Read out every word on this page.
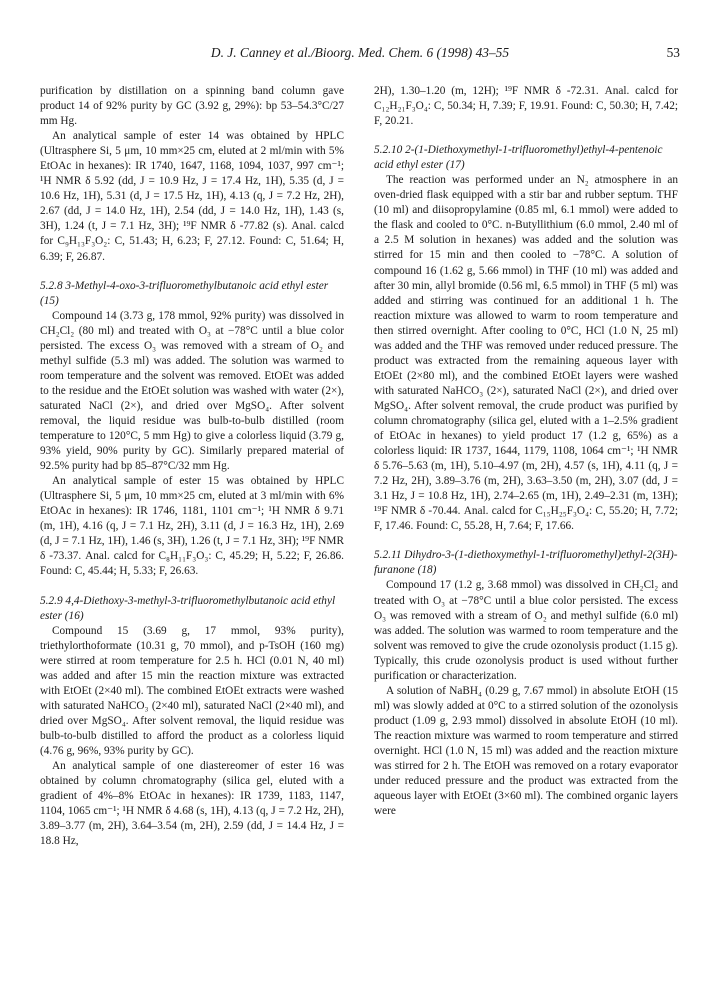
D. J. Canney et al./Bioorg. Med. Chem. 6 (1998) 43–55	53

purification by distillation on a spinning band column gave product 14 of 92% purity by GC (3.92 g, 29%): bp 53–54.3°C/27 mm Hg.

An analytical sample of ester 14 was obtained by HPLC (Ultrasphere Si, 5 μm, 10 mm×25 cm, eluted at 2 ml/min with 5% EtOAc in hexanes): IR 1740, 1647, 1168, 1094, 1037, 997 cm⁻¹; ¹H NMR δ 5.92 (dd, J = 10.9 Hz, J = 17.4 Hz, 1H), 5.35 (d, J = 10.6 Hz, 1H), 5.31 (d, J = 17.5 Hz, 1H), 4.13 (q, J = 7.2 Hz, 2H), 2.67 (dd, J = 14.0 Hz, 1H), 2.54 (dd, J = 14.0 Hz, 1H), 1.43 (s, 3H), 1.24 (t, J = 7.1 Hz, 3H); ¹⁹F NMR δ -77.82 (s). Anal. calcd for C₉H₁₃F₃O₂: C, 51.43; H, 6.23; F, 27.12. Found: C, 51.64; H, 6.39; F, 26.87.

5.2.8 3-Methyl-4-oxo-3-trifluoromethylbutanoic acid ethyl ester (15)

Compound 14 (3.73 g, 178 mmol, 92% purity) was dissolved in CH₂Cl₂ (80 ml) and treated with O₃ at −78°C until a blue color persisted. The excess O₃ was removed with a stream of O₂ and methyl sulfide (5.3 ml) was added. The solution was warmed to room temperature and the solvent was removed. EtOEt was added to the residue and the EtOEt solution was washed with water (2×), saturated NaCl (2×), and dried over MgSO₄. After solvent removal, the liquid residue was bulb-to-bulb distilled (room temperature to 120°C, 5 mm Hg) to give a colorless liquid (3.79 g, 93% yield, 90% purity by GC). Similarly prepared material of 92.5% purity had bp 85–87°C/32 mm Hg.

An analytical sample of ester 15 was obtained by HPLC (Ultrasphere Si, 5 μm, 10 mm×25 cm, eluted at 3 ml/min with 6% EtOAc in hexanes): IR 1746, 1181, 1101 cm⁻¹; ¹H NMR δ 9.71 (m, 1H), 4.16 (q, J = 7.1 Hz, 2H), 3.11 (d, J = 16.3 Hz, 1H), 2.69 (d, J = 7.1 Hz, 1H), 1.46 (s, 3H), 1.26 (t, J = 7.1 Hz, 3H); ¹⁹F NMR δ -73.37. Anal. calcd for C₈H₁₁F₃O₃: C, 45.29; H, 5.22; F, 26.86. Found: C, 45.44; H, 5.33; F, 26.63.

5.2.9 4,4-Diethoxy-3-methyl-3-trifluoromethylbutanoic acid ethyl ester (16)

Compound 15 (3.69 g, 17 mmol, 93% purity), triethylorthoformate (10.31 g, 70 mmol), and p-TsOH (160 mg) were stirred at room temperature for 2.5 h. HCl (0.01 N, 40 ml) was added and after 15 min the reaction mixture was extracted with EtOEt (2×40 ml). The combined EtOEt extracts were washed with saturated NaHCO₃ (2×40 ml), saturated NaCl (2×40 ml), and dried over MgSO₄. After solvent removal, the liquid residue was bulb-to-bulb distilled to afford the product as a colorless liquid (4.76 g, 96%, 93% purity by GC).

An analytical sample of one diastereomer of ester 16 was obtained by column chromatography (silica gel, eluted with a gradient of 4%–8% EtOAc in hexanes): IR 1739, 1183, 1147, 1104, 1065 cm⁻¹; ¹H NMR δ 4.68 (s, 1H), 4.13 (q, J = 7.2 Hz, 2H), 3.89–3.77 (m, 2H), 3.64–3.54 (m, 2H), 2.59 (dd, J = 14.4 Hz, J = 18.8 Hz,

2H), 1.30–1.20 (m, 12H); ¹⁹F NMR δ -72.31. Anal. calcd for C₁₂H₂₁F₃O₄: C, 50.34; H, 7.39; F, 19.91. Found: C, 50.30; H, 7.42; F, 20.21.

5.2.10 2-(1-Diethoxymethyl-1-trifluoromethyl)ethyl-4-pentenoic acid ethyl ester (17)

The reaction was performed under an N₂ atmosphere in an oven-dried flask equipped with a stir bar and rubber septum. THF (10 ml) and diisopropylamine (0.85 ml, 6.1 mmol) were added to the flask and cooled to 0°C. n-Butyllithium (6.0 mmol, 2.40 ml of a 2.5 M solution in hexanes) was added and the solution was stirred for 15 min and then cooled to −78°C. A solution of compound 16 (1.62 g, 5.66 mmol) in THF (10 ml) was added and after 30 min, allyl bromide (0.56 ml, 6.5 mmol) in THF (5 ml) was added and stirring was continued for an additional 1 h. The reaction mixture was allowed to warm to room temperature and then stirred overnight. After cooling to 0°C, HCl (1.0 N, 25 ml) was added and the THF was removed under reduced pressure. The product was extracted from the remaining aqueous layer with EtOEt (2×80 ml), and the combined EtOEt layers were washed with saturated NaHCO₃ (2×), saturated NaCl (2×), and dried over MgSO₄. After solvent removal, the crude product was purified by column chromatography (silica gel, eluted with a 1–2.5% gradient of EtOAc in hexanes) to yield product 17 (1.2 g, 65%) as a colorless liquid: IR 1737, 1644, 1179, 1108, 1064 cm⁻¹; ¹H NMR δ 5.76–5.63 (m, 1H), 5.10–4.97 (m, 2H), 4.57 (s, 1H), 4.11 (q, J = 7.2 Hz, 2H), 3.89–3.76 (m, 2H), 3.63–3.50 (m, 2H), 3.07 (dd, J = 3.1 Hz, J = 10.8 Hz, 1H), 2.74–2.65 (m, 1H), 2.49–2.31 (m, 13H); ¹⁹F NMR δ -70.44. Anal. calcd for C₁₅H₂₅F₃O₄: C, 55.20; H, 7.72; F, 17.46. Found: C, 55.28, H, 7.64; F, 17.66.

5.2.11 Dihydro-3-(1-diethoxymethyl-1-trifluoromethyl)ethyl-2(3H)-furanone (18)

Compound 17 (1.2 g, 3.68 mmol) was dissolved in CH₂Cl₂ and treated with O₃ at −78°C until a blue color persisted. The excess O₃ was removed with a stream of O₂ and methyl sulfide (6.0 ml) was added. The solution was warmed to room temperature and the solvent was removed to give the crude ozonolysis product (1.15 g). Typically, this crude ozonolysis product is used without further purification or characterization.

A solution of NaBH₄ (0.29 g, 7.67 mmol) in absolute EtOH (15 ml) was slowly added at 0°C to a stirred solution of the ozonolysis product (1.09 g, 2.93 mmol) dissolved in absolute EtOH (10 ml). The reaction mixture was warmed to room temperature and stirred overnight. HCl (1.0 N, 15 ml) was added and the reaction mixture was stirred for 2 h. The EtOH was removed on a rotary evaporator under reduced pressure and the product was extracted from the aqueous layer with EtOEt (3×60 ml). The combined organic layers were
